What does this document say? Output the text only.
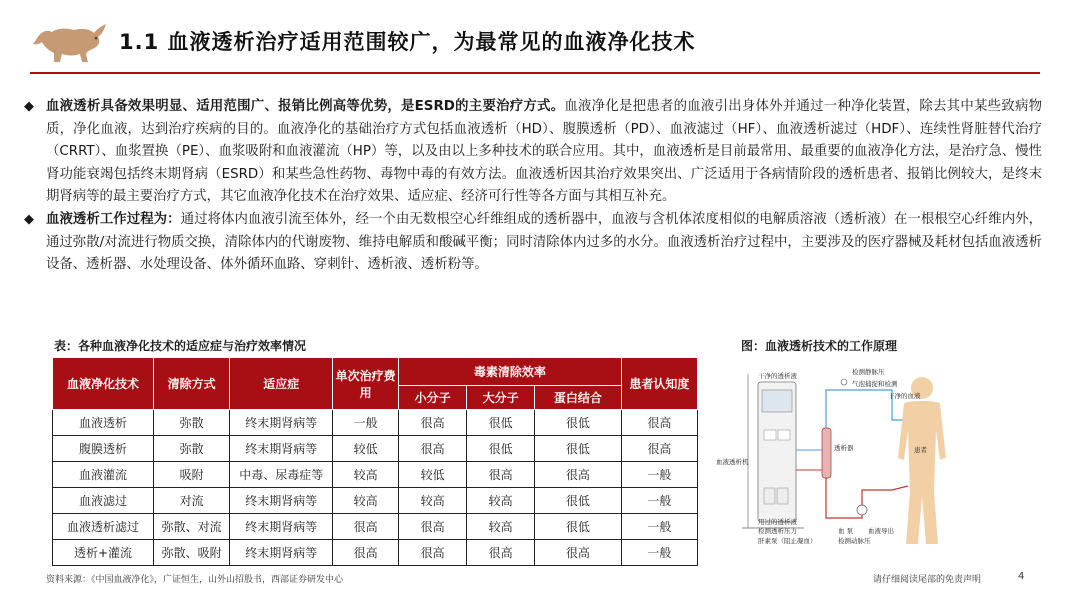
1.1 血液透析治疗适用范围较广，为最常见的血液净化技术
◆ 血液透析具备效果明显、适用范围广、报销比例高等优势，是ESRD的主要治疗方式。血液净化是把患者的血液引出身体外并通过一种净化装置，除去其中某些致病物质，净化血液，达到治疗疾病的目的。血液净化的基础治疗方式包括血液透析（HD）、腹膜透析（PD）、血液滤过（HF）、血液透析滤过（HDF）、连续性肾脏替代治疗（CRRT）、血浆置换（PE）、血浆吸附和血液灌流（HP）等，以及由以上多种技术的联合应用。其中，血液透析是目前最常用、最重要的血液净化方法，是治疗急、慢性肾功能衰竭包括终末期肾病（ESRD）和某些急性药物、毒物中毒的有效方法。血液透析因其治疗效果突出、广泛适用于各病情阶段的透析患者、报销比例较大，是终末期肾病等的最主要治疗方式，其它血液净化技术在治疗效果、适应症、经济可行性等各方面与其相互补充。
◆ 血液透析工作过程为：通过将体内血液引流至体外，经一个由无数根空心纤维组成的透析器中，血液与含机体浓度相似的电解质溶液（透析液）在一根根空心纤维内外，通过弥散/对流进行物质交换，清除体内的代谢废物、维持电解质和酸碱平衡；同时清除体内过多的水分。血液透析治疗过程中，主要涉及的医疗器械及耗材包括血液透析设备、透析器、水处理设备、体外循环血路、穿刺针、透析液、透析粉等。
表：各种血液净化技术的适应症与治疗效率情况	图：血液透析技术的工作原理
血液净化技术	清除方式	适应症	单次治疗费用	毒素清除效率			患者认知度
				小分子	大分子	蛋白结合	
血液透析	弥散	终末期肾病等	一般	很高	很低	很低	很高
腹膜透析	弥散	终末期肾病等	较低	很高	很低	很低	很高
血液灌流	吸附	中毒、尿毒症等	较高	较低	很高	很高	一般
血液滤过	对流	终末期肾病等	较高	较高	较高	很低	一般
血液透析滤过	弥散、对流	终末期肾病等	很高	很高	较高	很低	一般
透析+灌流	弥散、吸附	终末期肾病等	很高	很高	很高	很高	一般
检测静脉压
干净的透析液
气泡捕捉和检测
干净的血液
透析器	患者
血液透析机
用过的透析液
检测透析压力
肝素泵（阻止凝血）
血 泵 血液导出
检测动脉压
资料来源：《中国血液净化》，广证恒生，山外山招股书，西部证券研发中心	请仔细阅读尾部的免责声明	4
